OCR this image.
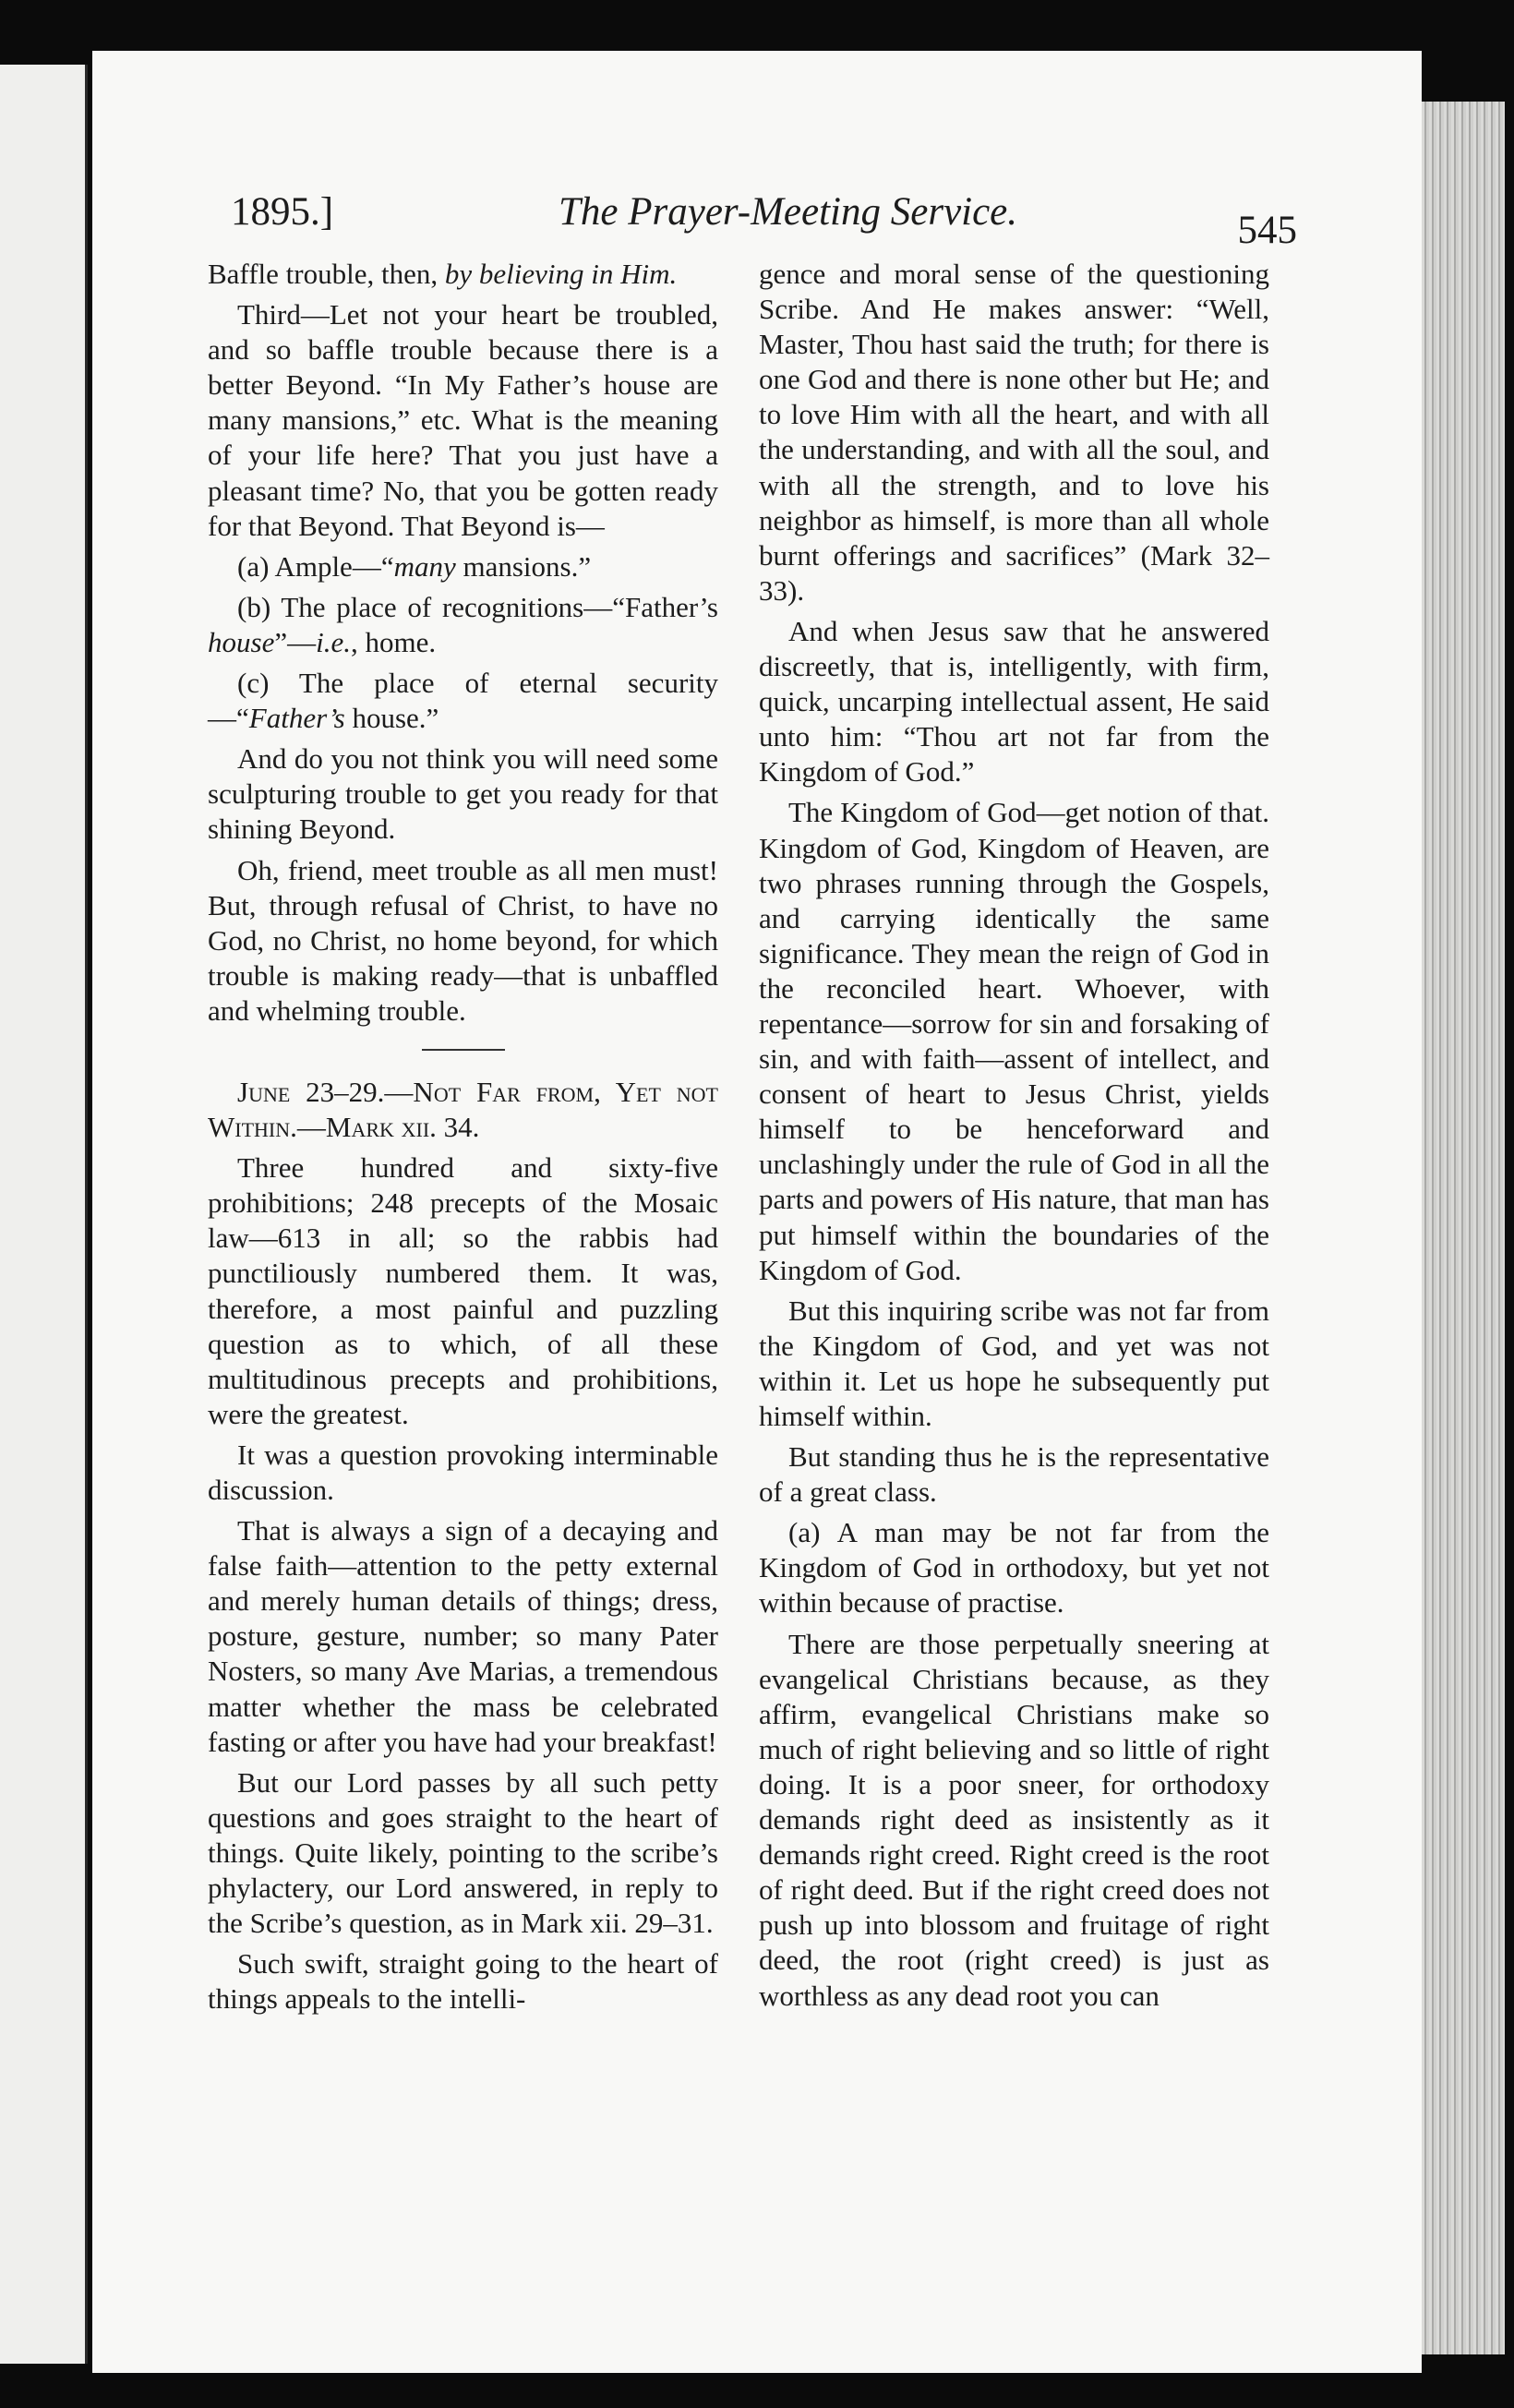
1895.]	The Prayer-Meeting Service.	545

Baffle trouble, then, by believing in Him.

Third—Let not your heart be troubled, and so baffle trouble because there is a better Beyond. “In My Father’s house are many mansions,” etc. What is the meaning of your life here? That you just have a pleasant time? No, that you be gotten ready for that Beyond. That Beyond is—

(a) Ample—“many mansions.”
(b) The place of recognitions—“Father’s house”—i.e., home.
(c) The place of eternal security—“Father’s house.”

And do you not think you will need some sculpturing trouble to get you ready for that shining Beyond.

Oh, friend, meet trouble as all men must! But, through refusal of Christ, to have no God, no Christ, no home beyond, for which trouble is making ready—that is unbaffled and whelming trouble.

June 23–29.—Not Far from, Yet not Within.—Mark xii. 34.

Three hundred and sixty-five prohibitions; 248 precepts of the Mosaic law—613 in all; so the rabbis had punctiliously numbered them. It was, therefore, a most painful and puzzling question as to which, of all these multitudinous precepts and prohibitions, were the greatest.

It was a question provoking interminable discussion.

That is always a sign of a decaying and false faith—attention to the petty external and merely human details of things; dress, posture, gesture, number; so many Pater Nosters, so many Ave Marias, a tremendous matter whether the mass be celebrated fasting or after you have had your breakfast!

But our Lord passes by all such petty questions and goes straight to the heart of things. Quite likely, pointing to the scribe’s phylactery, our Lord answered, in reply to the Scribe’s question, as in Mark xii. 29–31.

Such swift, straight going to the heart of things appeals to the intelli-

gence and moral sense of the questioning Scribe. And He makes answer: “Well, Master, Thou hast said the truth; for there is one God and there is none other but He; and to love Him with all the heart, and with all the understanding, and with all the soul, and with all the strength, and to love his neighbor as himself, is more than all whole burnt offerings and sacrifices” (Mark 32–33).

And when Jesus saw that he answered discreetly, that is, intelligently, with firm, quick, uncarping intellectual assent, He said unto him: “Thou art not far from the Kingdom of God.”

The Kingdom of God—get notion of that. Kingdom of God, Kingdom of Heaven, are two phrases running through the Gospels, and carrying identically the same significance. They mean the reign of God in the reconciled heart. Whoever, with repentance—sorrow for sin and forsaking of sin, and with faith—assent of intellect, and consent of heart to Jesus Christ, yields himself to be henceforward and unclashingly under the rule of God in all the parts and powers of His nature, that man has put himself within the boundaries of the Kingdom of God.

But this inquiring scribe was not far from the Kingdom of God, and yet was not within it. Let us hope he subsequently put himself within.

But standing thus he is the representative of a great class.

(a) A man may be not far from the Kingdom of God in orthodoxy, but yet not within because of practise.

There are those perpetually sneering at evangelical Christians because, as they affirm, evangelical Christians make so much of right believing and so little of right doing. It is a poor sneer, for orthodoxy demands right deed as insistently as it demands right creed. Right creed is the root of right deed. But if the right creed does not push up into blossom and fruitage of right deed, the root (right creed) is just as worthless as any dead root you can
